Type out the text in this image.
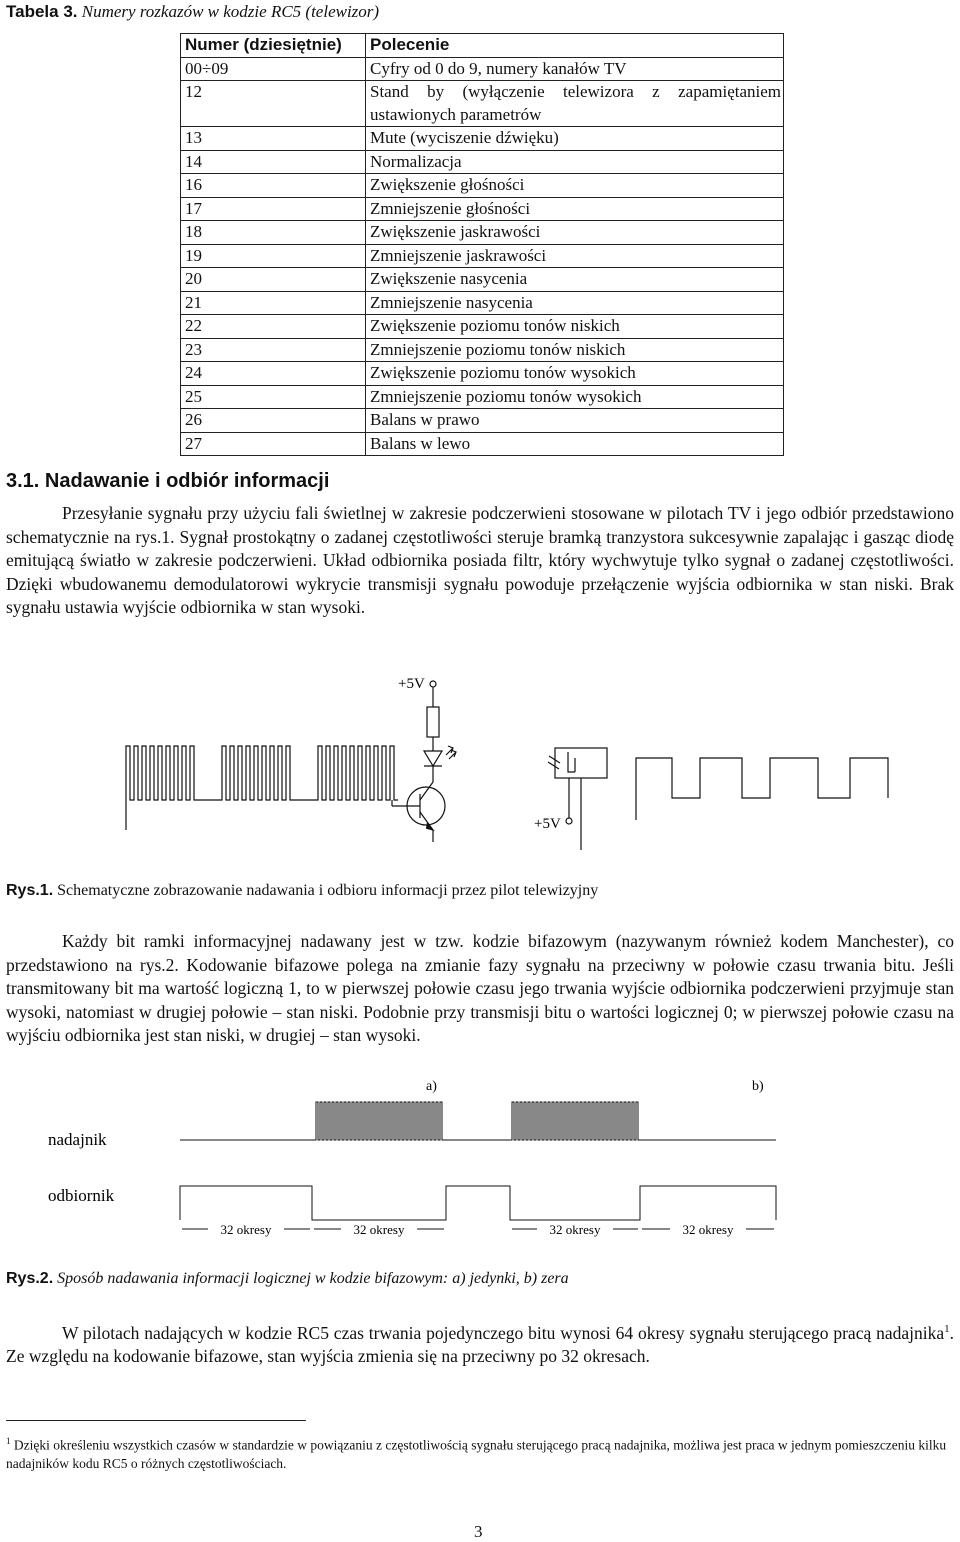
Tabela 3. Numery rozkazów w kodzie RC5 (telewizor)
Numer (dziesiętnie)	Polecenie
00÷09	Cyfry od 0 do 9, numery kanałów TV
12	Stand by (wyłączenie telewizora z zapamiętaniem ustawionych parametrów
13	Mute (wyciszenie dźwięku)
14	Normalizacja
16	Zwiększenie głośności
17	Zmniejszenie głośności
18	Zwiększenie jaskrawości
19	Zmniejszenie jaskrawości
20	Zwiększenie nasycenia
21	Zmniejszenie nasycenia
22	Zwiększenie poziomu tonów niskich
23	Zmniejszenie poziomu tonów niskich
24	Zwiększenie poziomu tonów wysokich
25	Zmniejszenie poziomu tonów wysokich
26	Balans w prawo
27	Balans w lewo
3.1. Nadawanie i odbiór informacji
Przesyłanie sygnału przy użyciu fali świetlnej w zakresie podczerwieni stosowane w pilotach TV i jego odbiór przedstawiono schematycznie na rys.1. Sygnał prostokątny o zadanej częstotliwości steruje bramką tranzystora sukcesywnie zapalając i gasząc diodę emitującą światło w zakresie podczerwieni. Układ odbiornika posiada filtr, który wychwytuje tylko sygnał o zadanej częstotliwości. Dzięki wbudowanemu demodulatorowi wykrycie transmisji sygnału powoduje przełączenie wyjścia odbiornika w stan niski. Brak sygnału ustawia wyjście odbiornika w stan wysoki.
+5V
+5V
Rys.1. Schematyczne zobrazowanie nadawania i odbioru informacji przez pilot telewizyjny
Każdy bit ramki informacyjnej nadawany jest w tzw. kodzie bifazowym (nazywanym również kodem Manchester), co przedstawiono na rys.2. Kodowanie bifazowe polega na zmianie fazy sygnału na przeciwny w połowie czasu trwania bitu. Jeśli transmitowany bit ma wartość logiczną 1, to w pierwszej połowie czasu jego trwania wyjście odbiornika podczerwieni przyjmuje stan wysoki, natomiast w drugiej połowie – stan niski. Podobnie przy transmisji bitu o wartości logicznej 0; w pierwszej połowie czasu na wyjściu odbiornika jest stan niski, w drugiej – stan wysoki.
a)	b)
nadajnik
odbiornik
32 okresy	32 okresy	32 okresy	32 okresy
Rys.2. Sposób nadawania informacji logicznej w kodzie bifazowym: a) jedynki, b) zera
W pilotach nadających w kodzie RC5 czas trwania pojedynczego bitu wynosi 64 okresy sygnału sterującego pracą nadajnika$^1$. Ze względu na kodowanie bifazowe, stan wyjścia zmienia się na przeciwny po 32 okresach.
$^1$ Dzięki określeniu wszystkich czasów w standardzie w powiązaniu z częstotliwością sygnału sterującego pracą nadajnika, możliwa jest praca w jednym pomieszczeniu kilku nadajników kodu RC5 o różnych częstotliwościach.
3
